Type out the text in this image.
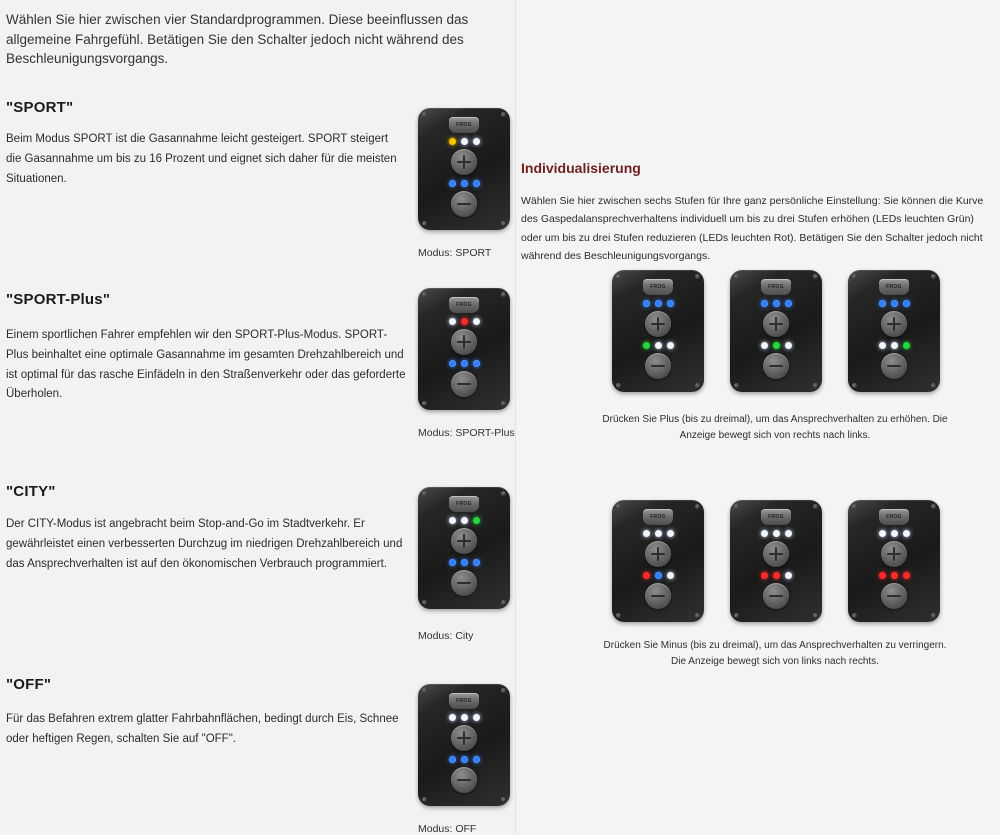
Wählen Sie hier zwischen vier Standardprogrammen. Diese beeinflussen das allgemeine Fahrgefühl. Betätigen Sie den Schalter jedoch nicht während des Beschleunigungsvorgangs.
"SPORT"
Beim Modus SPORT ist die Gasannahme leicht gesteigert. SPORT steigert die Gasannahme um bis zu 16 Prozent und eignet sich daher für die meisten Situationen.
FROG
Modus: SPORT
"SPORT-Plus"
Einem sportlichen Fahrer empfehlen wir den SPORT-Plus-Modus. SPORT-Plus beinhaltet eine optimale Gasannahme im gesamten Drehzahlbereich und ist optimal für das rasche Einfädeln in den Straßenverkehr oder das geforderte Überholen.
FROG
Modus: SPORT-Plus
"CITY"
Der CITY-Modus ist angebracht beim Stop-and-Go im Stadtverkehr. Er gewährleistet einen verbesserten Durchzug im niedrigen Drehzahlbereich und das Ansprechverhalten ist auf den ökonomischen Verbrauch programmiert.
FROG
Modus: City
"OFF"
Für das Befahren extrem glatter Fahrbahnflächen, bedingt durch Eis, Schnee oder heftigen Regen, schalten Sie auf "OFF".
FROG
Modus: OFF
Individualisierung
Wählen Sie hier zwischen sechs Stufen für Ihre ganz persönliche Einstellung: Sie können die Kurve des Gaspedalansprechverhaltens individuell um bis zu drei Stufen erhöhen (LEDs leuchten Grün) oder um bis zu drei Stufen reduzieren (LEDs leuchten Rot). Betätigen Sie den Schalter jedoch nicht während des Beschleunigungsvorgangs.
FROG	FROG	FROG
Drücken Sie Plus (bis zu dreimal), um das Ansprechverhalten zu erhöhen. Die Anzeige bewegt sich von rechts nach links.
FROG	FROG	FROG
Drücken Sie Minus (bis zu dreimal), um das Ansprechverhalten zu verringern. Die Anzeige bewegt sich von links nach rechts.
